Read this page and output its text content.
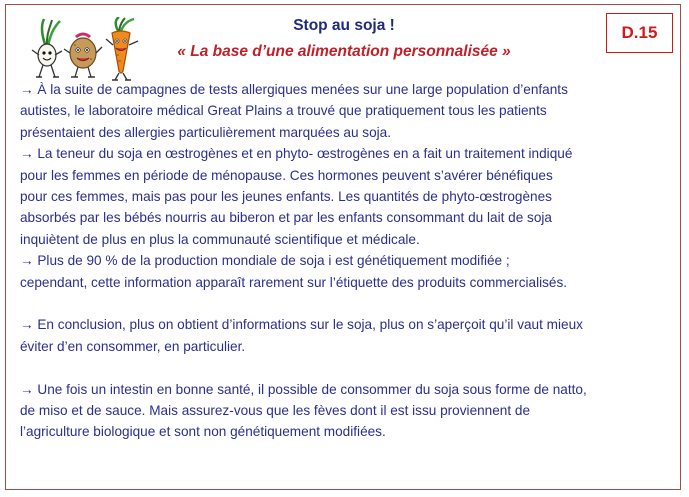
Stop au soja !
« La base d’une alimentation personnalisée »
D.15

→ À la suite de campagnes de tests allergiques menées sur une large population d’enfants
autistes, le laboratoire médical Great Plains a trouvé que pratiquement tous les patients
présentaient des allergies particulièrement marquées au soja.

→ La teneur du soja en œstrogènes et en phyto- œstrogènes en a fait un traitement indiqué
pour les femmes en période de ménopause. Ces hormones peuvent s’avérer bénéfiques
pour ces femmes, mais pas pour les jeunes enfants. Les quantités de phyto-œstrogènes
absorbés par les bébés nourris au biberon et par les enfants consommant du lait de soja
inquiètent de plus en plus la communauté scientifique et médicale.

→ Plus de 90 % de la production mondiale de soja i est génétiquement modifiée ;
cependant, cette information apparaît rarement sur l’étiquette des produits commercialisés.

→ En conclusion, plus on obtient d’informations sur le soja, plus on s’aperçoit qu’il vaut mieux
éviter d’en consommer, en particulier.

→ Une fois un intestin en bonne santé, il possible de consommer du soja sous forme de natto,
de miso et de sauce. Mais assurez-vous que les fèves dont il est issu proviennent de
l’agriculture biologique et sont non génétiquement modifiées.
